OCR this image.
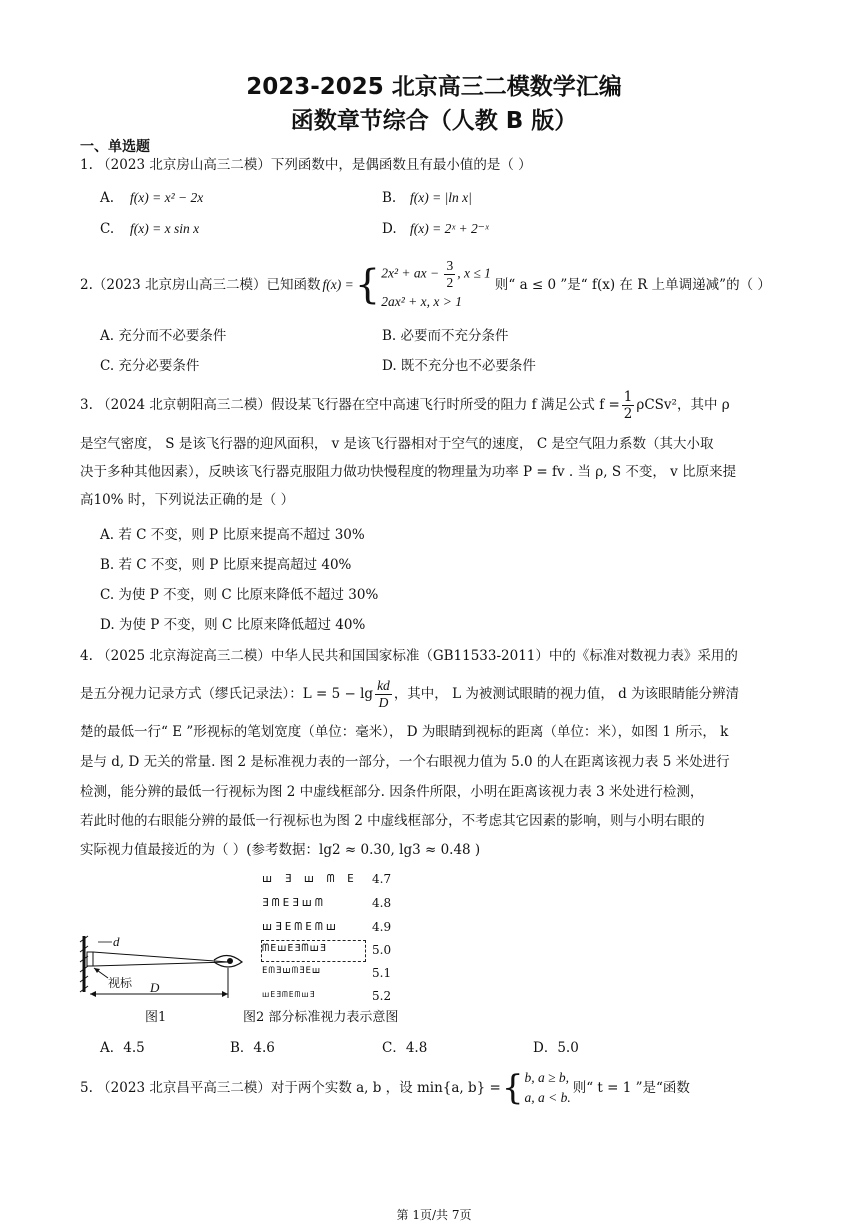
2023-2025 北京高三二模数学汇编
函数章节综合（人教 B 版）
一、单选题
1. （2023 北京房山高三二模）下列函数中，是偶函数且有最小值的是（ ）
A. f(x) = x² − 2x	B. f(x) = |ln x|
C. f(x) = x sin x	D. f(x) = 2ˣ + 2⁻ˣ
2.（2023 北京房山高三二模）已知函数 f(x) = { 2x² + ax − $\frac{3}{2}$ , x ≤ 1
2ax² + x, x > 1
则“ a ≤ 0 ”是“ f(x) 在 R 上单调递减”的（ ）
A. 充分而不必要条件	B. 必要而不充分条件
C. 充分必要条件	D. 既不充分也不必要条件
3. （2024 北京朝阳高三二模）假设某飞行器在空中高速飞行时所受的阻力 f 满足公式 $f = \frac{1}{2} \rho CSv^2$，其中 ρ
是空气密度， S 是该飞行器的迎风面积， v 是该飞行器相对于空气的速度， C 是空气阻力系数（其大小取
决于多种其他因素），反映该飞行器克服阻力做功快慢程度的物理量为功率 P = fv . 当 ρ, S 不变， v 比原来提
高10% 时，下列说法正确的是（ ）
A. 若 C 不变，则 P 比原来提高不超过 30%
B. 若 C 不变，则 P 比原来提高超过 40%
C. 为使 P 不变，则 C 比原来降低不超过 30%
D. 为使 P 不变，则 C 比原来降低超过 40%
4. （2025 北京海淀高三二模）中华人民共和国国家标准（GB11533-2011）中的《标准对数视力表》采用的
是五分视力记录方式（缪氏记录法）：$L = 5 - \lg \frac{kd}{D}$ ，其中， L 为被测试眼睛的视力值， d 为该眼睛能分辨清
楚的最低一行“ E ”形视标的笔划宽度（单位：毫米）， D 为眼睛到视标的距离（单位：米），如图 1 所示， k
是与 d, D 无关的常量. 图 2 是标准视力表的一部分，一个右眼视力值为 5.0 的人在距离该视力表 5 米处进行
检测，能分辨的最低一行视标为图 2 中虚线框部分. 因条件所限，小明在距离该视力表 3 米处进行检测，
若此时他的右眼能分辨的最低一行视标也为图 2 中虚线框部分，不考虑其它因素的影响，则与小明右眼的
实际视力值最接近的为（ ）(参考数据：lg2 ≈ 0.30, lg3 ≈ 0.48 )
d
视标 D
图1
ꟺ Ǝ ꟺ ᗰ E 4.7
ƎᗰEƎꟺᗰ	4.8
ꟺƎEᗰEᗰꟺ	4.9
ᗰEꟺEƎᗰꟺƎ	5.0
EᗰƎꟺᗰƎEꟺ	5.1
ꟺEƎᗰEᗰꟺƎ	5.2
图2 部分标准视力表示意图
A．4.5	B．4.6	C．4.8	D．5.0
5. （2023 北京昌平高三二模）对于两个实数 a, b ，设 min{a, b} = { b, a ≥ b,
a, a < b.
则“ t = 1 ”是“函数
第 1页/共 7页
